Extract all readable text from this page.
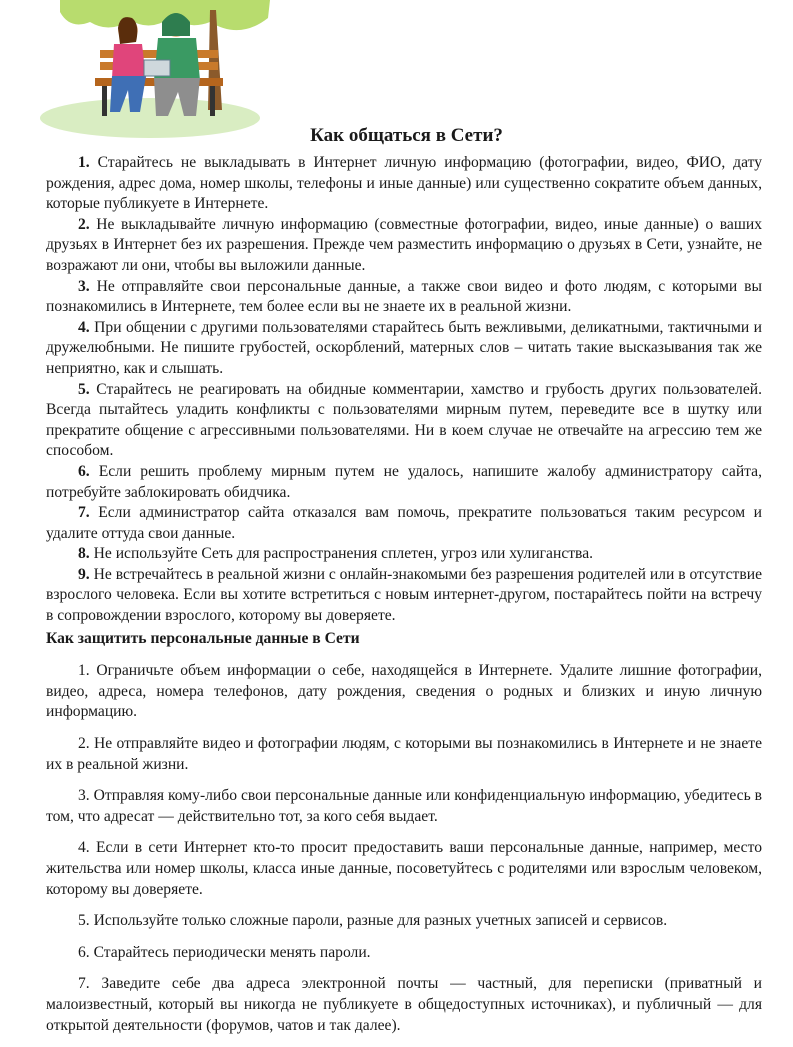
Как общаться в Сети?

1. Старайтесь не выкладывать в Интернет личную информацию (фотографии, видео, ФИО, дату рождения, адрес дома, номер школы, телефоны и иные данные) или существенно сократите объем данных, которые публикуете в Интернете.

2. Не выкладывайте личную информацию (совместные фотографии, видео, иные данные) о ваших друзьях в Интернет без их разрешения. Прежде чем разместить информацию о друзьях в Сети, узнайте, не возражают ли они, чтобы вы выложили данные.

3. Не отправляйте свои персональные данные, а также свои видео и фото людям, с которыми вы познакомились в Интернете, тем более если вы не знаете их в реальной жизни.

4. При общении с другими пользователями старайтесь быть вежливыми, деликатными, тактичными и дружелюбными. Не пишите грубостей, оскорблений, матерных слов – читать такие высказывания так же неприятно, как и слышать.

5. Старайтесь не реагировать на обидные комментарии, хамство и грубость других пользователей. Всегда пытайтесь уладить конфликты с пользователями мирным путем, переведите все в шутку или прекратите общение с агрессивными пользователями. Ни в коем случае не отвечайте на агрессию тем же способом.

6. Если решить проблему мирным путем не удалось, напишите жалобу администратору сайта, потребуйте заблокировать обидчика.

7. Если администратор сайта отказался вам помочь, прекратите пользоваться таким ресурсом и удалите оттуда свои данные.

8. Не используйте Сеть для распространения сплетен, угроз или хулиганства.

9. Не встречайтесь в реальной жизни с онлайн-знакомыми без разрешения родителей или в отсутствие взрослого человека. Если вы хотите встретиться с новым интернет-другом, постарайтесь пойти на встречу в сопровождении взрослого, которому вы доверяете.

Как защитить персональные данные в Сети

1. Ограничьте объем информации о себе, находящейся в Интернете. Удалите лишние фотографии, видео, адреса, номера телефонов, дату рождения, сведения о родных и близких и иную личную информацию.

2. Не отправляйте видео и фотографии людям, с которыми вы познакомились в Интернете и не знаете их в реальной жизни.

3. Отправляя кому-либо свои персональные данные или конфиденциальную информацию, убедитесь в том, что адресат — действительно тот, за кого себя выдает.

4. Если в сети Интернет кто-то просит предоставить ваши персональные данные, например, место жительства или номер школы, класса иные данные, посоветуйтесь с родителями или взрослым человеком, которому вы доверяете.

5. Используйте только сложные пароли, разные для разных учетных записей и сервисов.

6. Старайтесь периодически менять пароли.

7. Заведите себе два адреса электронной почты — частный, для переписки (приватный и малоизвестный, который вы никогда не публикуете в общедоступных источниках), и публичный — для открытой деятельности (форумов, чатов и так далее).
